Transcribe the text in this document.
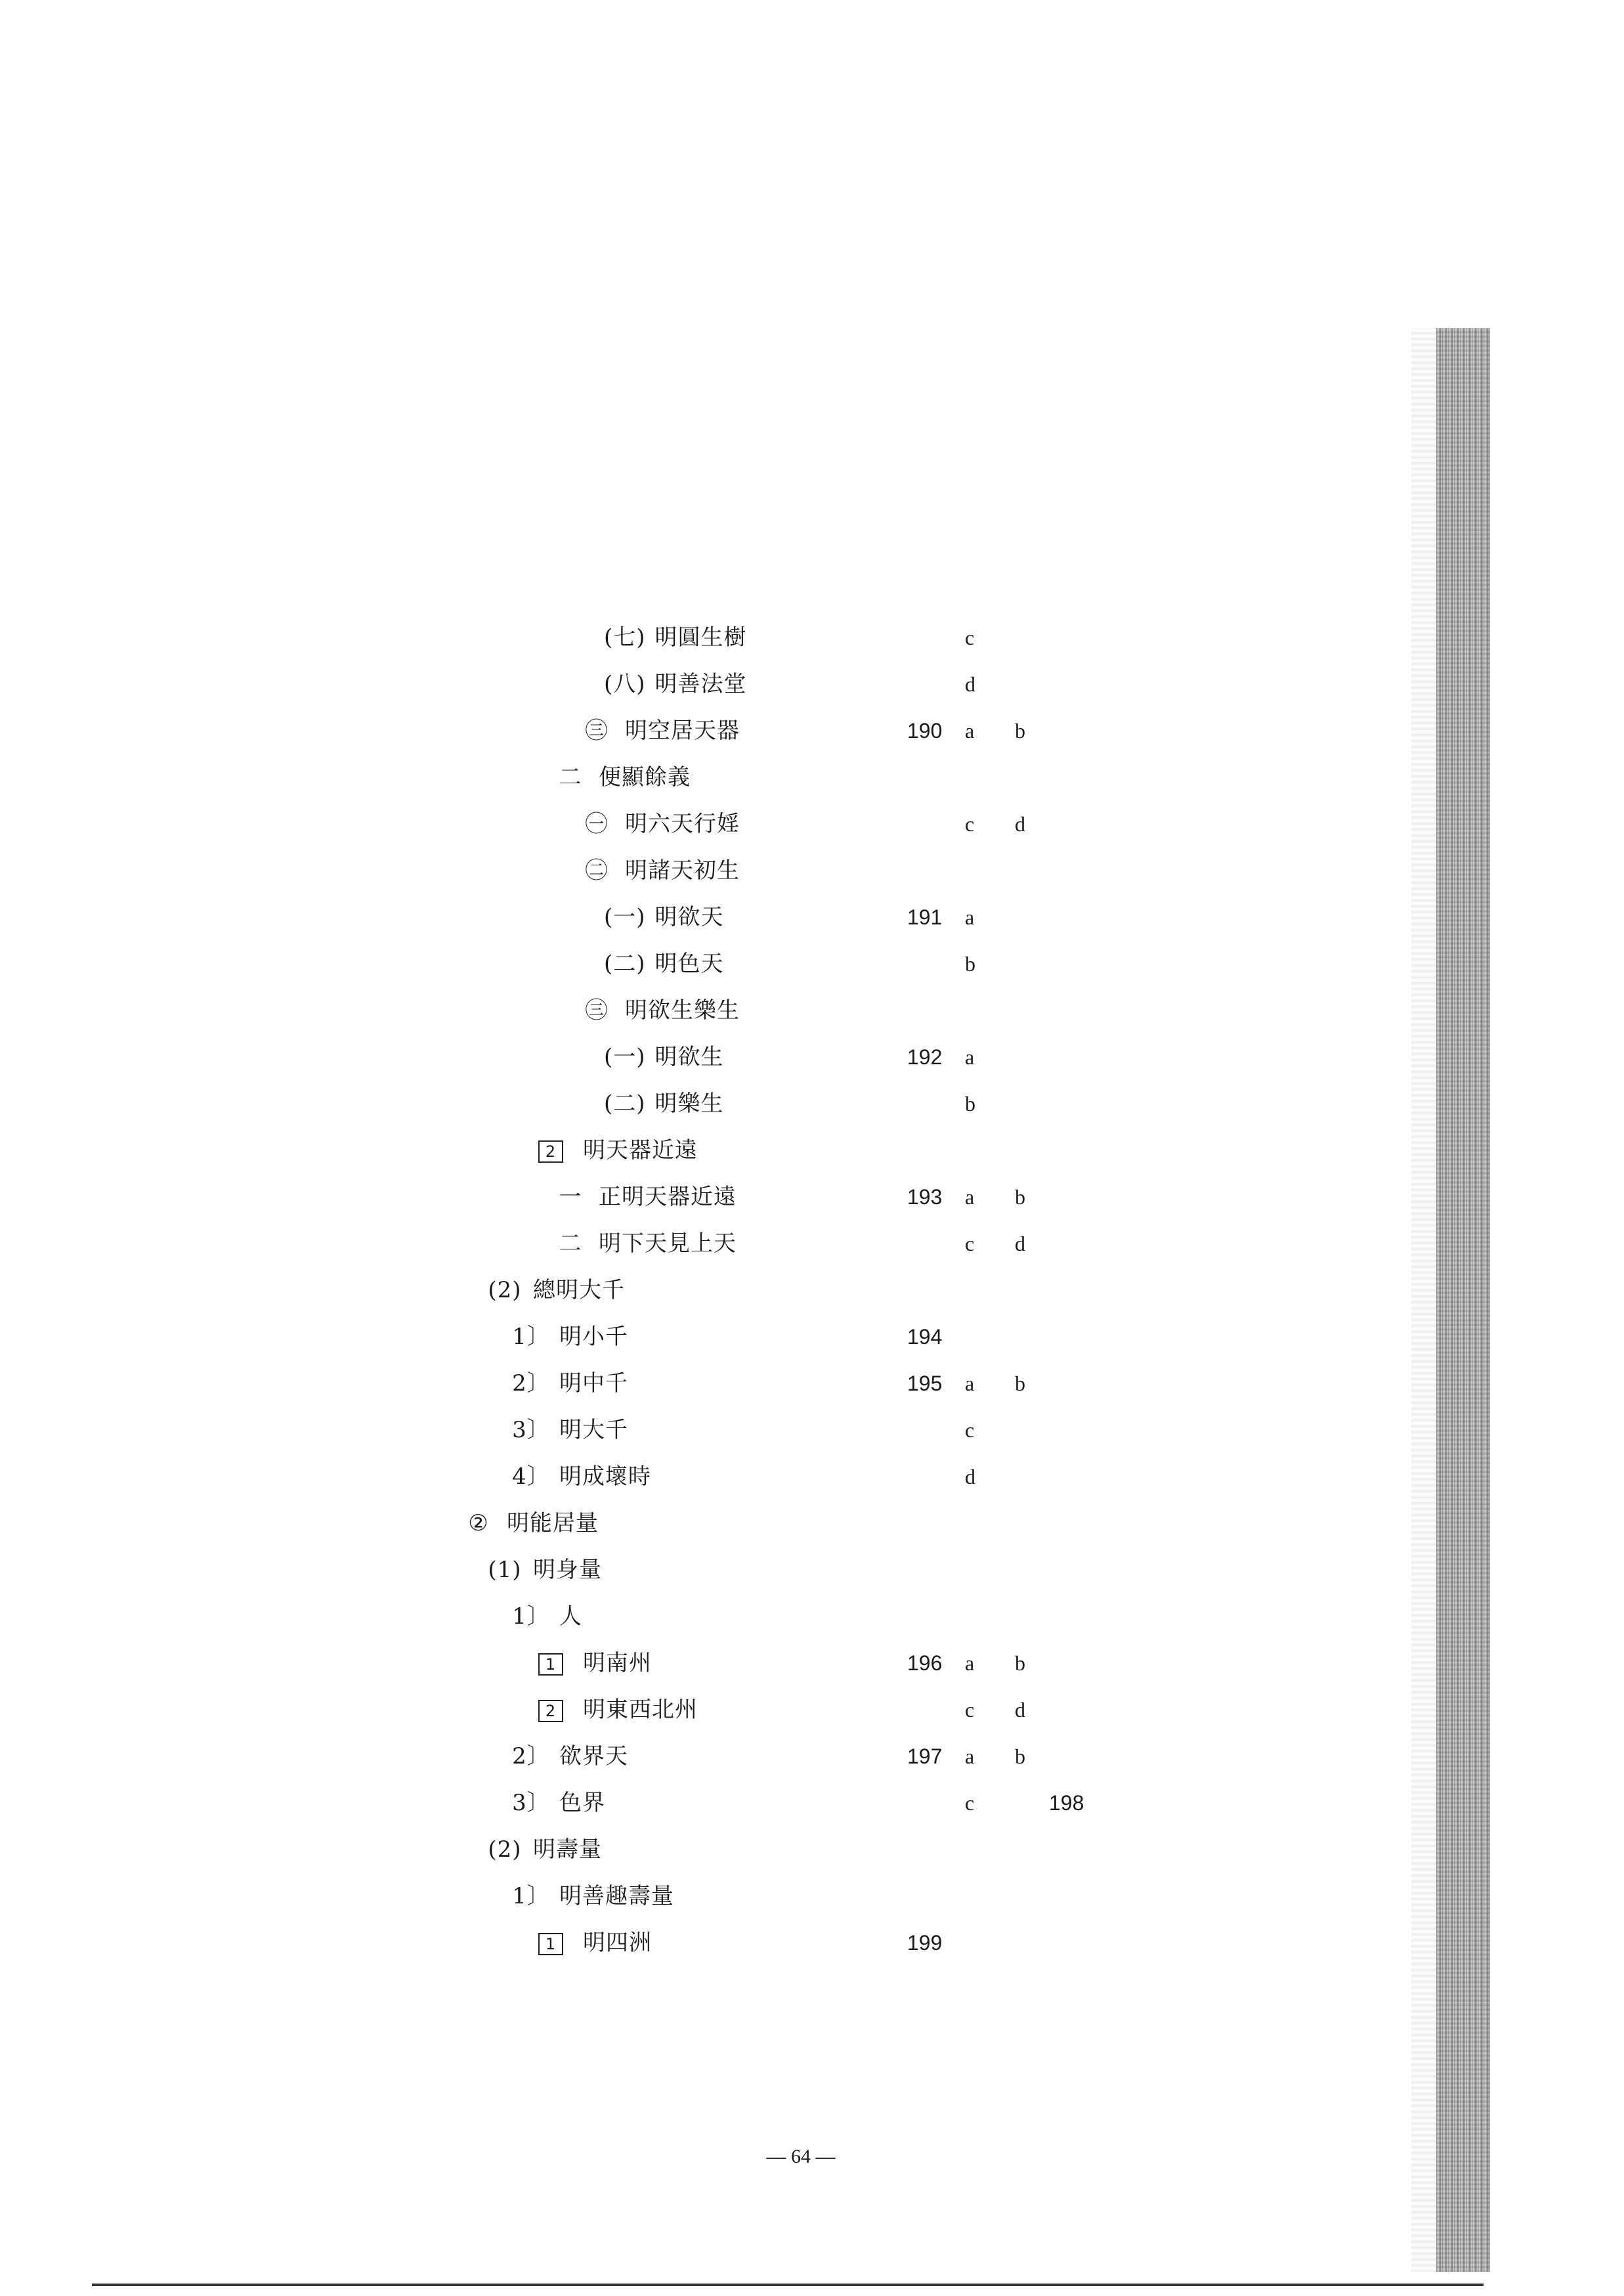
(七) 明圓生樹	c
(八) 明善法堂	d
㊂ 明空居天器	190 a b
二 便顯餘義
㊀ 明六天行婬	c d
㊁ 明諸天初生
(一) 明欲天	191 a
(二) 明色天	b
㊂ 明欲生樂生
(一) 明欲生	192 a
(二) 明樂生	b
2 明天器近遠
一 正明天器近遠	193 a b
二 明下天見上天	c d
(2) 總明大千
1〕 明小千	194
2〕 明中千	195 a b
3〕 明大千	c
4〕 明成壞時	d
② 明能居量
(1) 明身量
1〕 人
1 明南州	196 a b
2 明東西北州	c d
2〕 欲界天	197 a b
3〕 色界	c	198
(2) 明壽量
1〕 明善趣壽量
1 明四洲	199
— 64 —
